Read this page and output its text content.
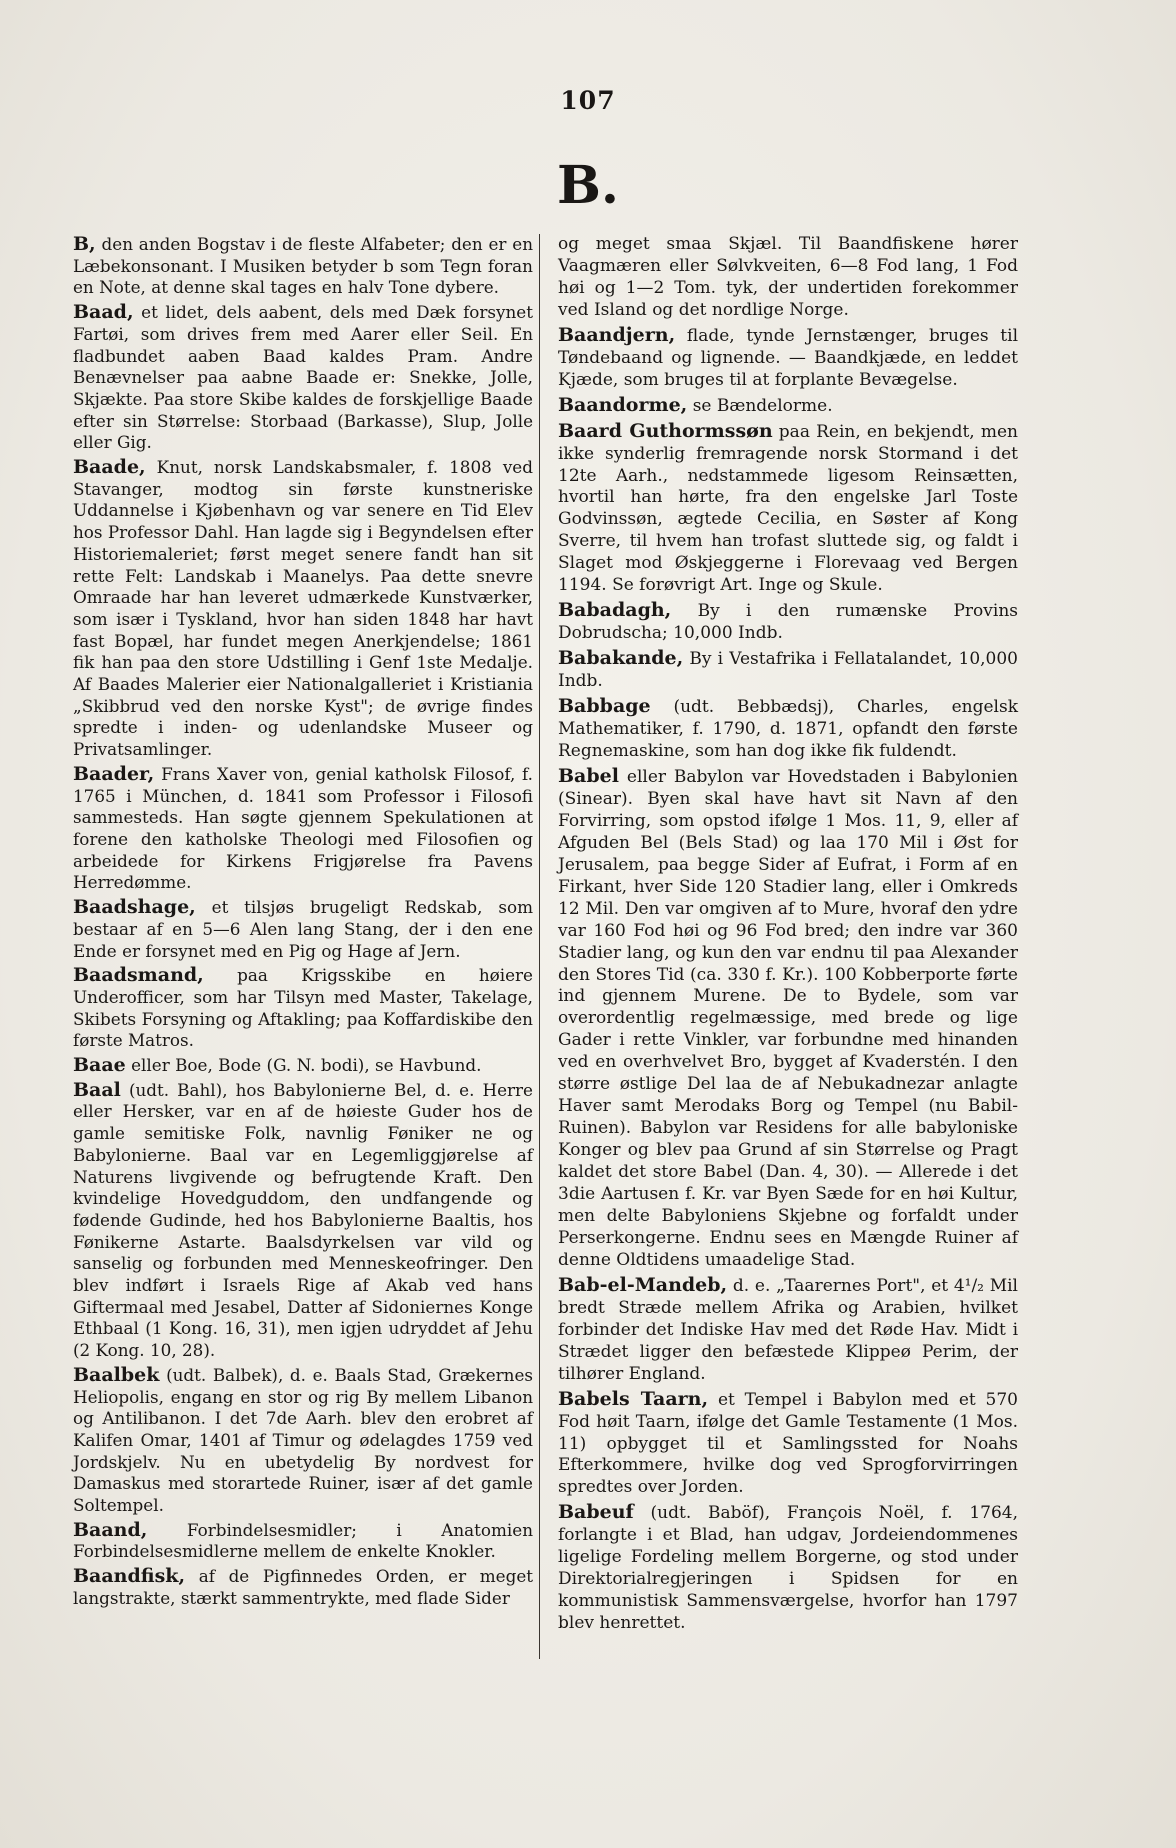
107
B.

B, den anden Bogstav i de fleste Alfabeter; den er en Læbekonsonant. I Musiken betyder b som Tegn foran en Note, at denne skal tages en halv Tone dybere.

Baad, et lidet, dels aabent, dels med Dæk forsynet Fartøi, som drives frem med Aarer eller Seil. En fladbundet aaben Baad kaldes Pram. Andre Benævnelser paa aabne Baade er: Snekke, Jolle, Skjækte. Paa store Skibe kaldes de forskjellige Baade efter sin Størrelse: Storbaad (Barkasse), Slup, Jolle eller Gig.

Baade, Knut, norsk Landskabsmaler, f. 1808 ved Stavanger, modtog sin første kunstneriske Uddannelse i Kjøbenhavn og var senere en Tid Elev hos Professor Dahl. Han lagde sig i Begyndelsen efter Historiemaleriet; først meget senere fandt han sit rette Felt: Landskab i Maanelys. Paa dette snevre Omraade har han leveret udmærkede Kunstværker, som især i Tyskland, hvor han siden 1848 har havt fast Bopæl, har fundet megen Anerkjendelse; 1861 fik han paa den store Udstilling i Genf 1ste Medalje. Af Baades Malerier eier Nationalgalleriet i Kristiania „Skibbrud ved den norske Kyst"; de øvrige findes spredte i inden- og udenlandske Museer og Privatsamlinger.

Baader, Frans Xaver von, genial katholsk Filosof, f. 1765 i München, d. 1841 som Professor i Filosofi sammesteds. Han søgte gjennem Spekulationen at forene den katholske Theologi med Filosofien og arbeidede for Kirkens Frigjørelse fra Pavens Herredømme.

Baadshage, et tilsjøs brugeligt Redskab, som bestaar af en 5—6 Alen lang Stang, der i den ene Ende er forsynet med en Pig og Hage af Jern.

Baadsmand, paa Krigsskibe en høiere Underofficer, som har Tilsyn med Master, Takelage, Skibets Forsyning og Aftakling; paa Koffardiskibe den første Matros.

Baae eller Boe, Bode (G. N. bodi), se Havbund.

Baal (udt. Bahl), hos Babylonierne Bel, d. e. Herre eller Hersker, var en af de høieste Guder hos de gamle semitiske Folk, navnlig Føniker ne og Babylonierne. Baal var en Legemliggjørelse af Naturens livgivende og befrugtende Kraft. Den kvindelige Hovedguddom, den undfangende og fødende Gudinde, hed hos Babylonierne Baaltis, hos Fønikerne Astarte. Baalsdyrkelsen var vild og sanselig og forbunden med Menneskeofringer. Den blev indført i Israels Rige af Akab ved hans Giftermaal med Jesabel, Datter af Sidoniernes Konge Ethbaal (1 Kong. 16, 31), men igjen udryddet af Jehu (2 Kong. 10, 28).

Baalbek (udt. Balbek), d. e. Baals Stad, Grækernes Heliopolis, engang en stor og rig By mellem Libanon og Antilibanon. I det 7de Aarh. blev den erobret af Kalifen Omar, 1401 af Timur og ødelagdes 1759 ved Jordskjelv. Nu en ubetydelig By nordvest for Damaskus med storartede Ruiner, især af det gamle Soltempel.

Baand, Forbindelsesmidler; i Anatomien Forbindelsesmidlerne mellem de enkelte Knokler.

Baandfisk, af de Pigfinnedes Orden, er meget langstrakte, stærkt sammentrykte, med flade Sider

og meget smaa Skjæl. Til Baandfiskene hører Vaagmæren eller Sølvkveiten, 6—8 Fod lang, 1 Fod høi og 1—2 Tom. tyk, der undertiden forekommer ved Island og det nordlige Norge.

Baandjern, flade, tynde Jernstænger, bruges til Tøndebaand og lignende. — Baandkjæde, en leddet Kjæde, som bruges til at forplante Bevægelse.

Baandorme, se Bændelorme.

Baard Guthormssøn paa Rein, en bekjendt, men ikke synderlig fremragende norsk Stormand i det 12te Aarh., nedstammede ligesom Reinsætten, hvortil han hørte, fra den engelske Jarl Toste Godvinssøn, ægtede Cecilia, en Søster af Kong Sverre, til hvem han trofast sluttede sig, og faldt i Slaget mod Øskjeggerne i Florevaag ved Bergen 1194. Se forøvrigt Art. Inge og Skule.

Babadagh, By i den rumænske Provins Dobrudscha; 10,000 Indb.

Babakande, By i Vestafrika i Fellatalandet, 10,000 Indb.

Babbage (udt. Bebbædsj), Charles, engelsk Mathematiker, f. 1790, d. 1871, opfandt den første Regnemaskine, som han dog ikke fik fuldendt.

Babel eller Babylon var Hovedstaden i Babylonien (Sinear). Byen skal have havt sit Navn af den Forvirring, som opstod ifølge 1 Mos. 11, 9, eller af Afguden Bel (Bels Stad) og laa 170 Mil i Øst for Jerusalem, paa begge Sider af Eufrat, i Form af en Firkant, hver Side 120 Stadier lang, eller i Omkreds 12 Mil. Den var omgiven af to Mure, hvoraf den ydre var 160 Fod høi og 96 Fod bred; den indre var 360 Stadier lang, og kun den var endnu til paa Alexander den Stores Tid (ca. 330 f. Kr.). 100 Kobberporte førte ind gjennem Murene. De to Bydele, som var overordentlig regelmæssige, med brede og lige Gader i rette Vinkler, var forbundne med hinanden ved en overhvelvet Bro, bygget af Kvaderstén. I den større østlige Del laa de af Nebukadnezar anlagte Haver samt Merodaks Borg og Tempel (nu Babil-Ruinen). Babylon var Residens for alle babyloniske Konger og blev paa Grund af sin Størrelse og Pragt kaldet det store Babel (Dan. 4, 30). — Allerede i det 3die Aartusen f. Kr. var Byen Sæde for en høi Kultur, men delte Babyloniens Skjebne og forfaldt under Perserkongerne. Endnu sees en Mængde Ruiner af denne Oldtidens umaadelige Stad.

Bab-el-Mandeb, d. e. „Taarernes Port", et 4¹/₂ Mil bredt Stræde mellem Afrika og Arabien, hvilket forbinder det Indiske Hav med det Røde Hav. Midt i Strædet ligger den befæstede Klippeø Perim, der tilhører England.

Babels Taarn, et Tempel i Babylon med et 570 Fod høit Taarn, ifølge det Gamle Testamente (1 Mos. 11) opbygget til et Samlingssted for Noahs Efterkommere, hvilke dog ved Sprogforvirringen spredtes over Jorden.

Babeuf (udt. Baböf), François Noël, f. 1764, forlangte i et Blad, han udgav, Jordeiendommenes ligelige Fordeling mellem Borgerne, og stod under Direktorialregjeringen i Spidsen for en kommunistisk Sammensværgelse, hvorfor han 1797 blev henrettet.
